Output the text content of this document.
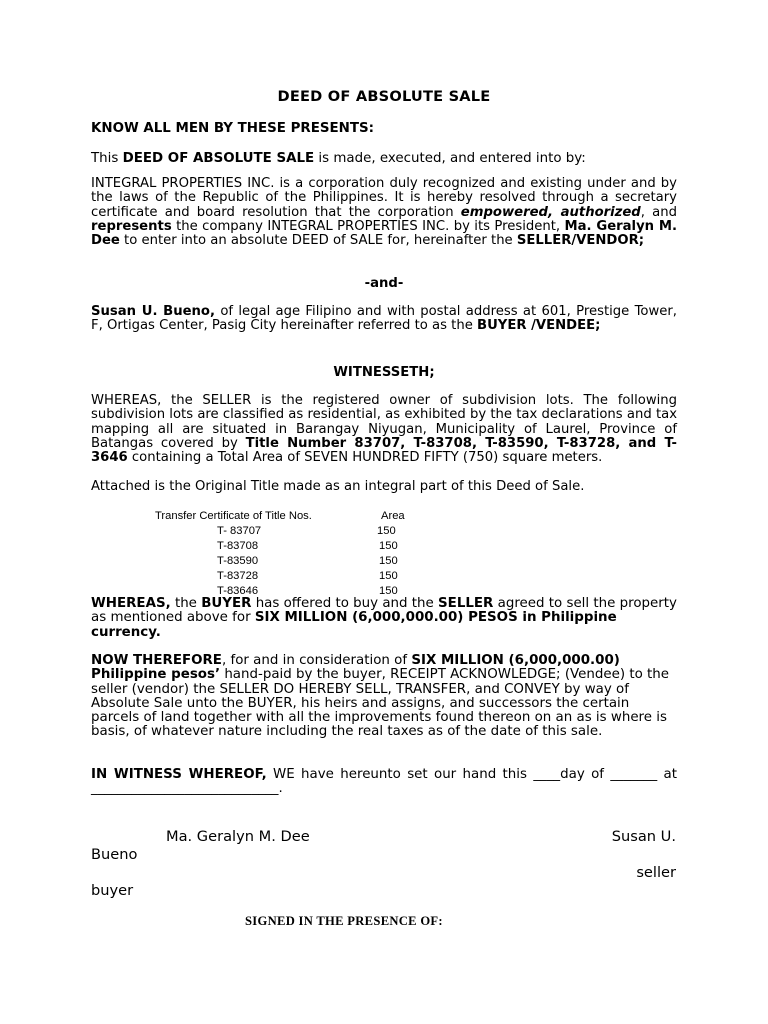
DEED OF ABSOLUTE SALE
KNOW ALL MEN BY THESE PRESENTS:
This DEED OF ABSOLUTE SALE is made, executed, and entered into by:
INTEGRAL PROPERTIES INC. is a corporation duly recognized and existing under and by the laws of the Republic of the Philippines. It is hereby resolved through a secretary certificate and board resolution that the corporation empowered, authorized, and represents the company INTEGRAL PROPERTIES INC. by its President, Ma. Geralyn M. Dee to enter into an absolute DEED of SALE for, hereinafter the SELLER/VENDOR;
-and-
Susan U. Bueno, of legal age Filipino and with postal address at 601, Prestige Tower, F, Ortigas Center, Pasig City hereinafter referred to as the BUYER /VENDEE;
WITNESSETH;
WHEREAS, the SELLER is the registered owner of subdivision lots. The following subdivision lots are classified as residential, as exhibited by the tax declarations and tax mapping all are situated in Barangay Niyugan, Municipality of Laurel, Province of Batangas covered by Title Number 83707, T-83708, T-83590, T-83728, and T-3646 containing a Total Area of SEVEN HUNDRED FIFTY (750) square meters.
Attached is the Original Title made as an integral part of this Deed of Sale.
Transfer Certificate of Title Nos.	Area
T- 83707	150
T-83708	150
T-83590	150
T-83728	150
T-83646	150
WHEREAS, the BUYER has offered to buy and the SELLER agreed to sell the property as mentioned above for SIX MILLION (6,000,000.00) PESOS in Philippine currency.
NOW THEREFORE, for and in consideration of SIX MILLION (6,000,000.00) Philippine pesos’ hand-paid by the buyer, RECEIPT ACKNOWLEDGE; (Vendee) to the seller (vendor) the SELLER DO HEREBY SELL, TRANSFER, and CONVEY by way of Absolute Sale unto the BUYER, his heirs and assigns, and successors the certain parcels of land together with all the improvements found thereon on an as is where is basis, of whatever nature including the real taxes as of the date of this sale.
IN WITNESS WHEREOF, WE have hereunto set our hand this ____day of _______ at ____________________________.
Ma. Geralyn M. Dee	Susan U.
Bueno
seller
buyer
SIGNED IN THE PRESENCE OF:
